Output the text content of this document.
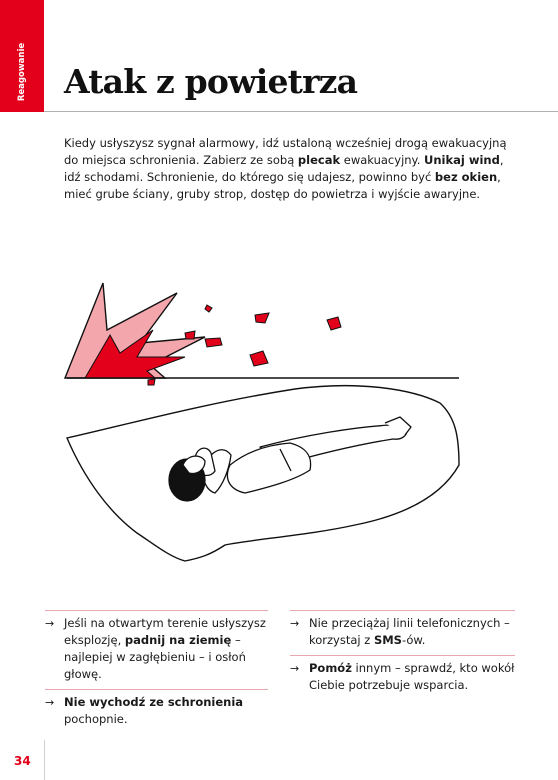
Reagowanie Atak z powietrza

Kiedy usłyszysz sygnał alarmowy, idź ustaloną wcześniej drogą ewakuacyjną do miejsca schronienia. Zabierz ze sobą plecak ewakuacyjny. Unikaj wind, idź schodami. Schronienie, do którego się udajesz, powinno być bez okien, mieć grube ściany, gruby strop, dostęp do powietrza i wyjście awaryjne.

→ Jeśli na otwartym terenie usłyszysz eksplozję, padnij na ziemię – najlepiej w zagłębieniu – i osłoń głowę.
→ Nie wychodź ze schronienia pochopnie.
→ Nie przeciążaj linii telefonicznych – korzystaj z SMS-ów.
→ Pomóż innym – sprawdź, kto wokół Ciebie potrzebuje wsparcia.
34
